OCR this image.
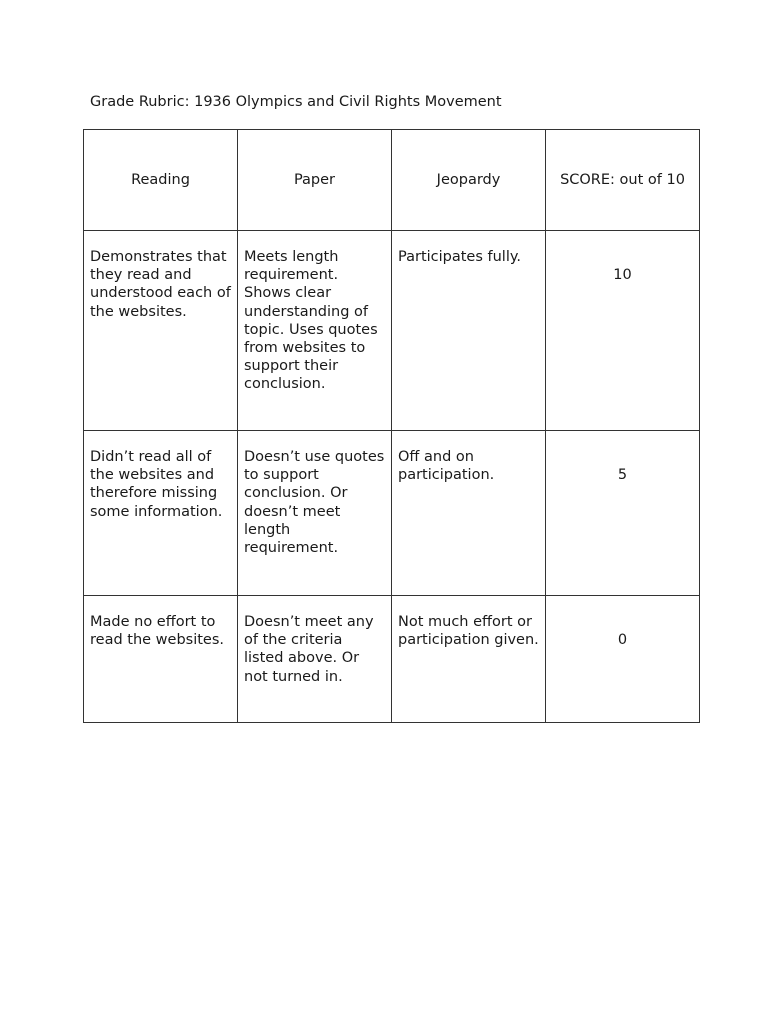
Grade Rubric: 1936 Olympics and Civil Rights Movement
Reading	Paper	Jeopardy	SCORE: out of 10
Demonstrates that they read and understood each of the websites.	Meets length requirement. Shows clear understanding of topic. Uses quotes from websites to support their conclusion.	Participates fully.	10
Didn’t read all of the websites and therefore missing some information.	Doesn’t use quotes to support conclusion. Or doesn’t meet length requirement.	Off and on participation.	5
Made no effort to read the websites.	Doesn’t meet any of the criteria listed above. Or not turned in.	Not much effort or participation given.	0
